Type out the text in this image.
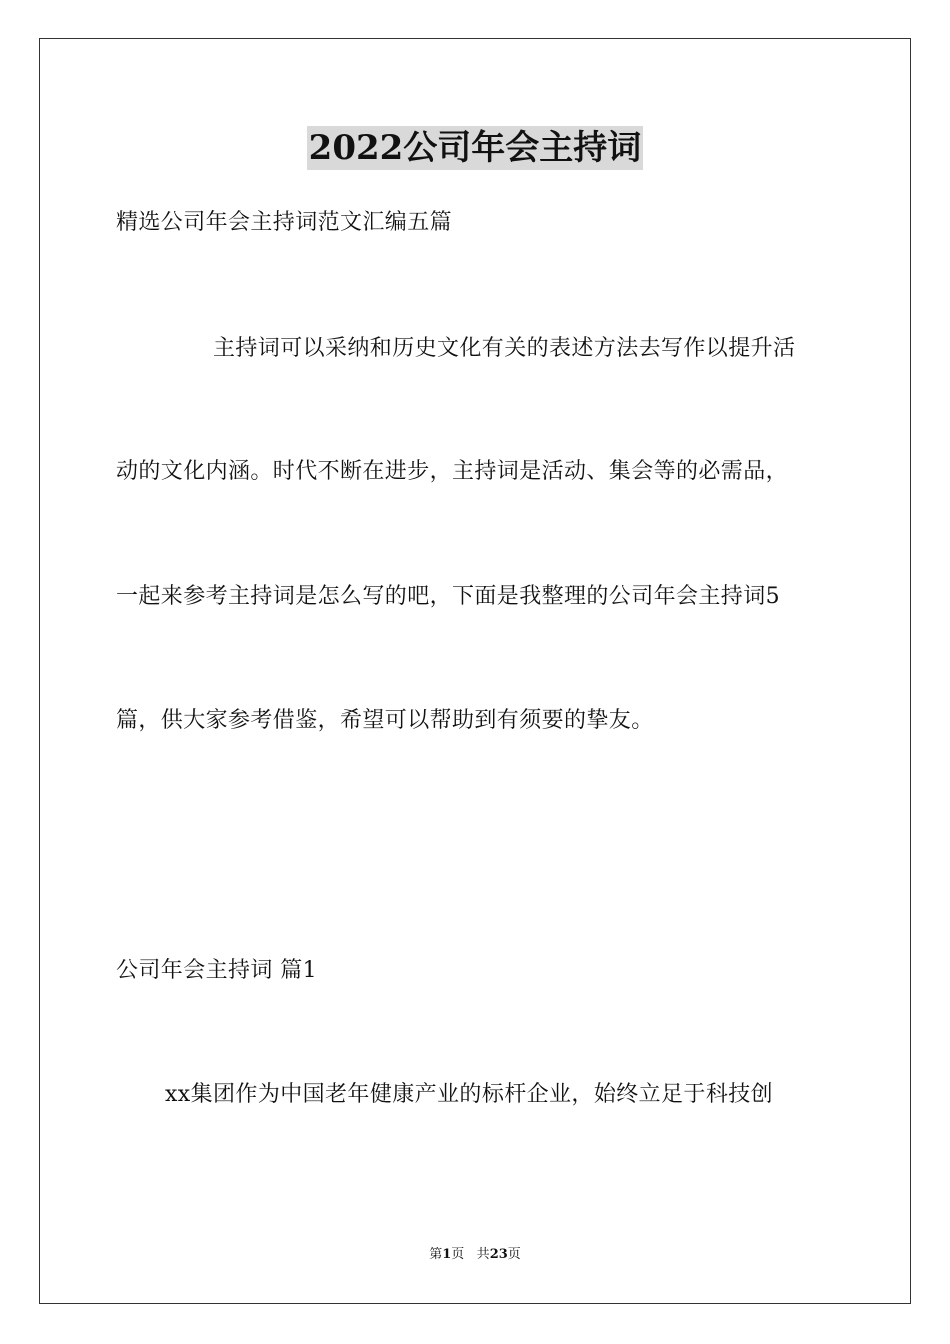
2022公司年会主持词
精选公司年会主持词范文汇编五篇
主持词可以采纳和历史文化有关的表述方法去写作以提升活
动的文化内涵。时代不断在进步，主持词是活动、集会等的必需品，
一起来参考主持词是怎么写的吧，下面是我整理的公司年会主持词5
篇，供大家参考借鉴，希望可以帮助到有须要的挚友。
公司年会主持词 篇1
xx集团作为中国老年健康产业的标杆企业，始终立足于科技创
第1页 共23页
